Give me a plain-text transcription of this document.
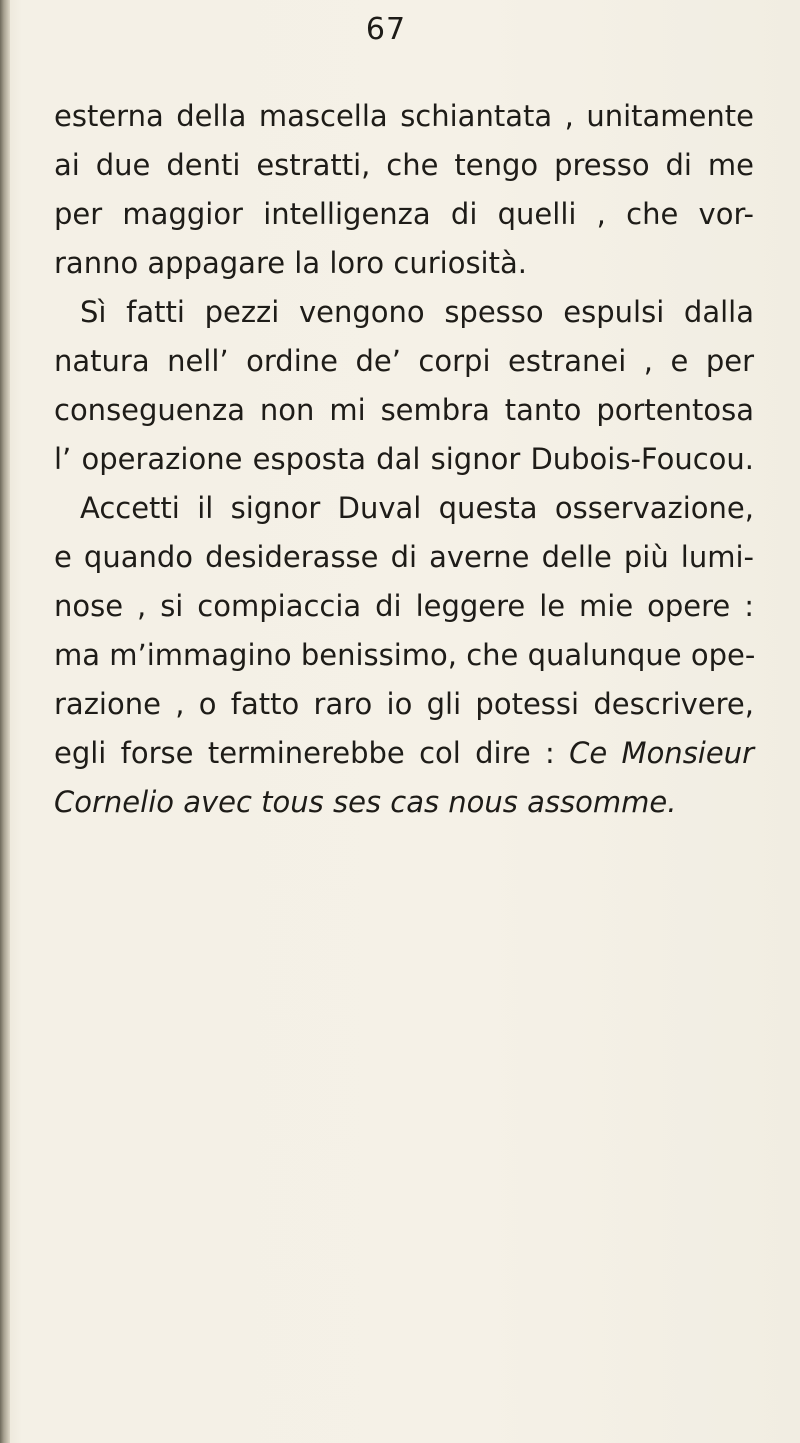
67
esterna della mascella schiantata , unitamente
ai due denti estratti, che tengo presso di me
per maggior intelligenza di quelli , che vor-
ranno appagare la loro curiosità.
Sì fatti pezzi vengono spesso espulsi dalla
natura nell’ ordine de’ corpi estranei , e per
conseguenza non mi sembra tanto portentosa
l’ operazione esposta dal signor Dubois-Foucou.
Accetti il signor Duval questa osservazione,
e quando desiderasse di averne delle più lumi-
nose , si compiaccia di leggere le mie opere :
ma m’immagino benissimo, che qualunque ope-
razione , o fatto raro io gli potessi descrivere,
egli forse terminerebbe col dire : Ce Monsieur
Cornelio avec tous ses cas nous assomme.
